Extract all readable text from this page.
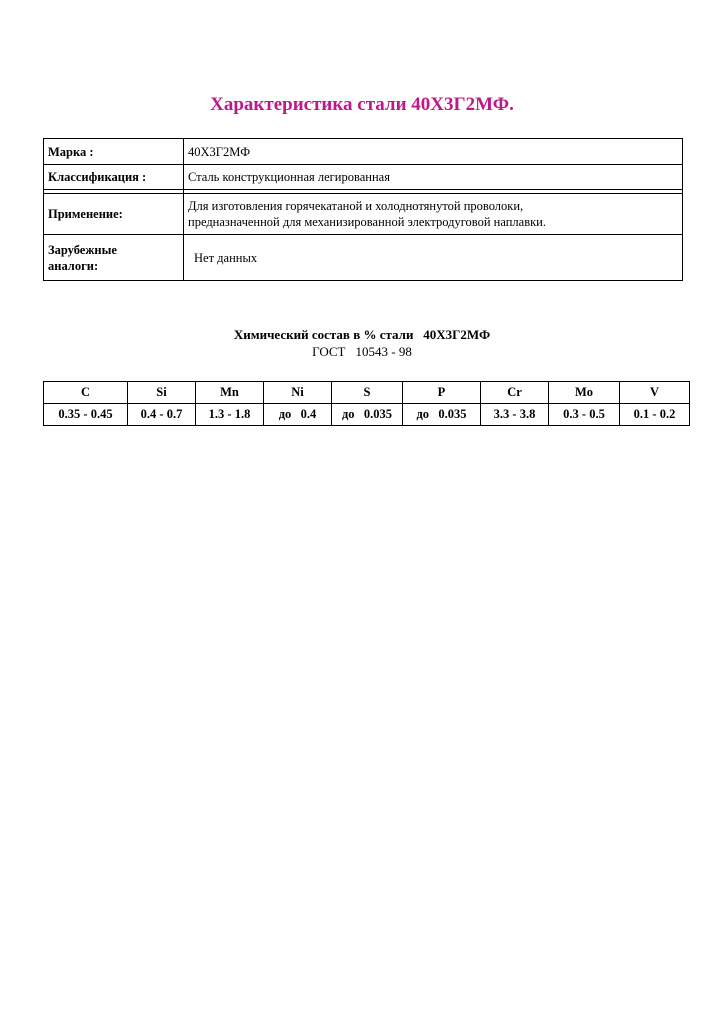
Характеристика стали 40Х3Г2МФ.
Марка :	40Х3Г2МФ
Классификация :	Сталь конструкционная легированная

Применение:	Для изготовления горячекатаной и холоднотянутой проволоки,
предназначенной для механизированной электродуговой наплавки.

Зарубежные
аналоги:	Нет данных
Химический состав в % стали   40Х3Г2МФ
ГОСТ 10543 - 98
C	Si	Mn	Ni	S	P	Cr	Mo	V
0.35 - 0.45	0.4 - 0.7	1.3 - 1.8	до   0.4	до   0.035	до   0.035	3.3 - 3.8	0.3 - 0.5	0.1 - 0.2
